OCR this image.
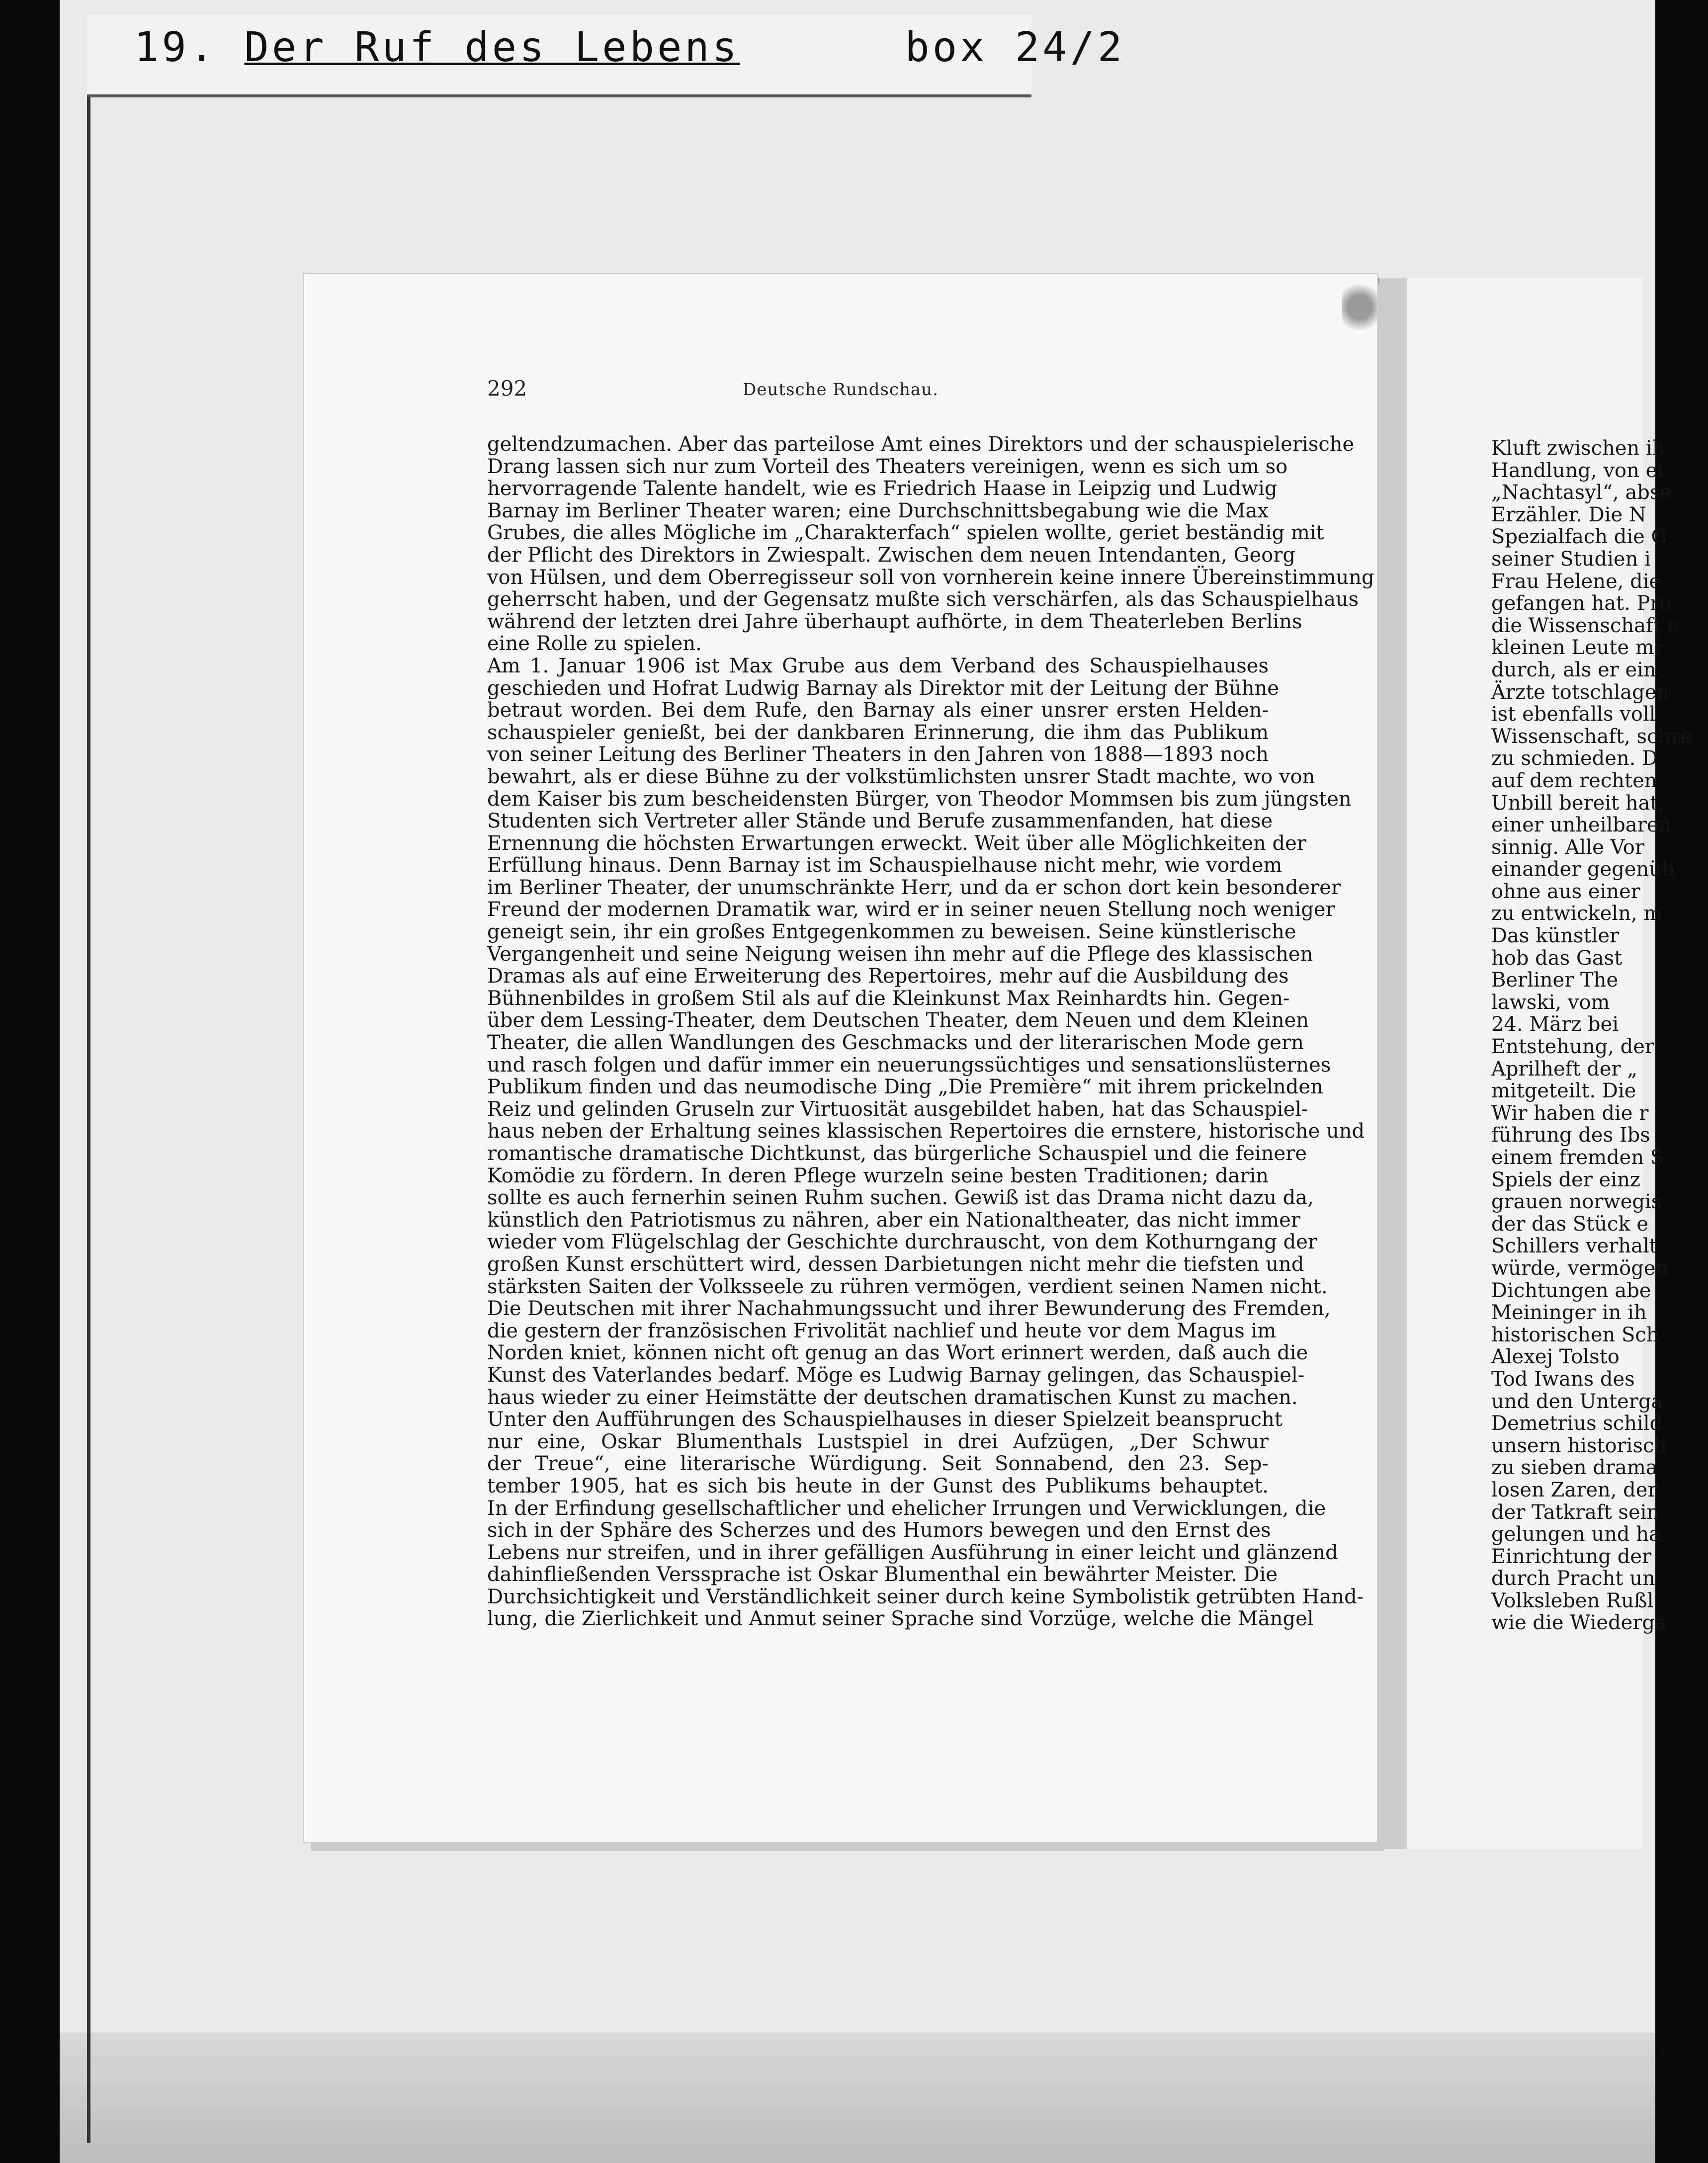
19. Der Ruf des Lebens	box 24/2
Kluft zwischen ih
Handlung, von ei
„Nachtasyl“, abse
Erzähler. Die N
Spezialfach die G
seiner Studien i
Frau Helene, die
gefangen hat. Pro
die Wissenschaft c
kleinen Leute mi
durch, als er ein
Ärzte totschlagen
ist ebenfalls voll
Wissenschaft, schre
zu schmieden. D
auf dem rechten
Unbill bereit hat,
einer unheilbaren
sinnig. Alle Vor
einander gegenüb
ohne aus einer
zu entwickeln, m
Das künstler
hob das Gast
Berliner The
lawski, vom
24. März bei
Entstehung, der
Aprilheft der „
mitgeteilt. Die
Wir haben die r
führung des Ibs
einem fremden S
Spiels der einz
grauen norwegis
der das Stück e
Schillers verhalt
würde, vermögen
Dichtungen abe
Meininger in ih
historischen Sch
Alexej Tolsto
Tod Iwans des
und den Unterga
Demetrius schild
unsern historisch
zu sieben drama
losen Zaren, der
der Tatkraft sein
gelungen und ha
Einrichtung der
durch Pracht un
Volksleben Rußl
wie die Wiederga
292	Deutsche Rundschau.
geltendzumachen. Aber das parteilose Amt eines Direktors und der schauspielerische
Drang lassen sich nur zum Vorteil des Theaters vereinigen, wenn es sich um so
hervorragende Talente handelt, wie es Friedrich Haase in Leipzig und Ludwig
Barnay im Berliner Theater waren; eine Durchschnittsbegabung wie die Max
Grubes, die alles Mögliche im „Charakterfach“ spielen wollte, geriet beständig mit
der Pflicht des Direktors in Zwiespalt. Zwischen dem neuen Intendanten, Georg
von Hülsen, und dem Oberregisseur soll von vornherein keine innere Übereinstimmung
geherrscht haben, und der Gegensatz mußte sich verschärfen, als das Schauspielhaus
während der letzten drei Jahre überhaupt aufhörte, in dem Theaterleben Berlins
eine Rolle zu spielen.
Am 1. Januar 1906 ist Max Grube aus dem Verband des Schauspielhauses
geschieden und Hofrat Ludwig Barnay als Direktor mit der Leitung der Bühne
betraut worden. Bei dem Rufe, den Barnay als einer unsrer ersten Helden-
schauspieler genießt, bei der dankbaren Erinnerung, die ihm das Publikum
von seiner Leitung des Berliner Theaters in den Jahren von 1888—1893 noch
bewahrt, als er diese Bühne zu der volkstümlichsten unsrer Stadt machte, wo von
dem Kaiser bis zum bescheidensten Bürger, von Theodor Mommsen bis zum jüngsten
Studenten sich Vertreter aller Stände und Berufe zusammenfanden, hat diese
Ernennung die höchsten Erwartungen erweckt. Weit über alle Möglichkeiten der
Erfüllung hinaus. Denn Barnay ist im Schauspielhause nicht mehr, wie vordem
im Berliner Theater, der unumschränkte Herr, und da er schon dort kein besonderer
Freund der modernen Dramatik war, wird er in seiner neuen Stellung noch weniger
geneigt sein, ihr ein großes Entgegenkommen zu beweisen. Seine künstlerische
Vergangenheit und seine Neigung weisen ihn mehr auf die Pflege des klassischen
Dramas als auf eine Erweiterung des Repertoires, mehr auf die Ausbildung des
Bühnenbildes in großem Stil als auf die Kleinkunst Max Reinhardts hin. Gegen-
über dem Lessing-Theater, dem Deutschen Theater, dem Neuen und dem Kleinen
Theater, die allen Wandlungen des Geschmacks und der literarischen Mode gern
und rasch folgen und dafür immer ein neuerungssüchtiges und sensationslüsternes
Publikum finden und das neumodische Ding „Die Première“ mit ihrem prickelnden
Reiz und gelinden Gruseln zur Virtuosität ausgebildet haben, hat das Schauspiel-
haus neben der Erhaltung seines klassischen Repertoires die ernstere, historische und
romantische dramatische Dichtkunst, das bürgerliche Schauspiel und die feinere
Komödie zu fördern. In deren Pflege wurzeln seine besten Traditionen; darin
sollte es auch fernerhin seinen Ruhm suchen. Gewiß ist das Drama nicht dazu da,
künstlich den Patriotismus zu nähren, aber ein Nationaltheater, das nicht immer
wieder vom Flügelschlag der Geschichte durchrauscht, von dem Kothurngang der
großen Kunst erschüttert wird, dessen Darbietungen nicht mehr die tiefsten und
stärksten Saiten der Volksseele zu rühren vermögen, verdient seinen Namen nicht.
Die Deutschen mit ihrer Nachahmungssucht und ihrer Bewunderung des Fremden,
die gestern der französischen Frivolität nachlief und heute vor dem Magus im
Norden kniet, können nicht oft genug an das Wort erinnert werden, daß auch die
Kunst des Vaterlandes bedarf. Möge es Ludwig Barnay gelingen, das Schauspiel-
haus wieder zu einer Heimstätte der deutschen dramatischen Kunst zu machen.
Unter den Aufführungen des Schauspielhauses in dieser Spielzeit beansprucht
nur eine, Oskar Blumenthals Lustspiel in drei Aufzügen, „Der Schwur
der Treue“, eine literarische Würdigung. Seit Sonnabend, den 23. Sep-
tember 1905, hat es sich bis heute in der Gunst des Publikums behauptet.
In der Erfindung gesellschaftlicher und ehelicher Irrungen und Verwicklungen, die
sich in der Sphäre des Scherzes und des Humors bewegen und den Ernst des
Lebens nur streifen, und in ihrer gefälligen Ausführung in einer leicht und glänzend
dahinfließenden Verssprache ist Oskar Blumenthal ein bewährter Meister. Die
Durchsichtigkeit und Verständlichkeit seiner durch keine Symbolistik getrübten Hand-
lung, die Zierlichkeit und Anmut seiner Sprache sind Vorzüge, welche die Mängel
